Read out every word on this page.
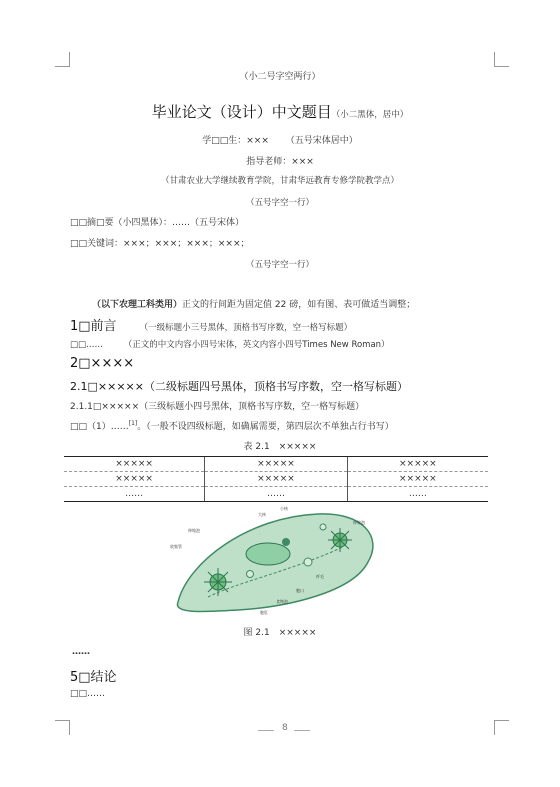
（小二号字空两行）
毕业论文（设计）中文题目（小二黑体，居中）
学□□生：××× （五号宋体居中）
指导老师：×××
（甘肃农业大学继续教育学院，甘肃华远教育专修学院教学点）
（五号字空一行）
□□摘□要（小四黑体）：……（五号宋体）
□□关键词：×××；×××；×××；×××；
（五号字空一行）
（以下农理工科类用）正文的行间距为固定值 22 磅，如有图、表可做适当调整；
1□前言	（一级标题小三号黑体，顶格书写序数，空一格写标题）
□□…… （正文的中文内容小四号宋体，英文内容小四号Times New Roman）
2□××××
2.1□×××××（二级标题四号黑体，顶格书写序数，空一格写标题）
2.1.1□×××××（三级标题小四号黑体，顶格书写序数，空一格写标题）
□□（1）……[1]。（一般不设四级标题，如确属需要，第四层次不单独占行书写）
表 2.1　×××××
×××××	×××××	×××××
×××××	×××××	×××××
……	……	……
伸缩泡
大核
小核
收集管
伸缩泡
纤毛
胞口
食物泡
胞肛
图 2.1　×××××
……
5□结论
□□……
8
